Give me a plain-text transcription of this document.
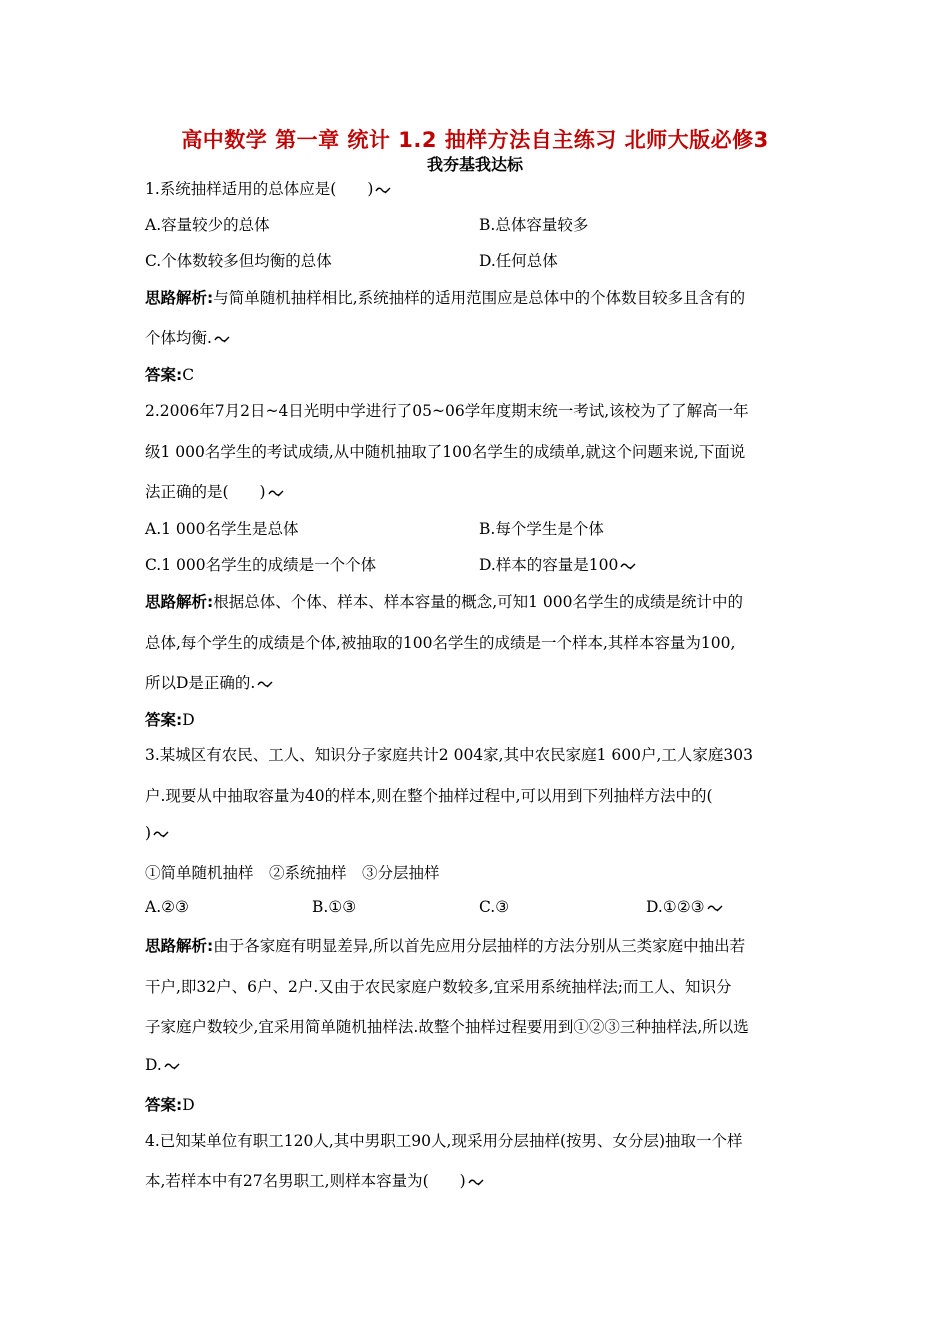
高中数学 第一章 统计 1.2 抽样方法自主练习 北师大版必修3
我夯基我达标
1.系统抽样适用的总体应是(　　)
A.容量较少的总体	B.总体容量较多
C.个体数较多但均衡的总体	D.任何总体
思路解析:与简单随机抽样相比,系统抽样的适用范围应是总体中的个体数目较多且含有的
个体均衡.
答案:C
2.2006年7月2日~4日光明中学进行了05~06学年度期末统一考试,该校为了了解高一年
级1 000名学生的考试成绩,从中随机抽取了100名学生的成绩单,就这个问题来说,下面说
法正确的是(　　)
A.1 000名学生是总体	B.每个学生是个体
C.1 000名学生的成绩是一个个体	D.样本的容量是100
思路解析:根据总体、个体、样本、样本容量的概念,可知1 000名学生的成绩是统计中的
总体,每个学生的成绩是个体,被抽取的100名学生的成绩是一个样本,其样本容量为100,
所以D是正确的.
答案:D
3.某城区有农民、工人、知识分子家庭共计2 004家,其中农民家庭1 600户,工人家庭303
户.现要从中抽取容量为40的样本,则在整个抽样过程中,可以用到下列抽样方法中的(
)
①简单随机抽样　②系统抽样　③分层抽样
A.②③	B.①③	C.③	D.①②③
思路解析:由于各家庭有明显差异,所以首先应用分层抽样的方法分别从三类家庭中抽出若
干户,即32户、6户、2户.又由于农民家庭户数较多,宜采用系统抽样法;而工人、知识分
子家庭户数较少,宜采用简单随机抽样法.故整个抽样过程要用到①②③三种抽样法,所以选
D.
答案:D
4.已知某单位有职工120人,其中男职工90人,现采用分层抽样(按男、女分层)抽取一个样
本,若样本中有27名男职工,则样本容量为(　　)
